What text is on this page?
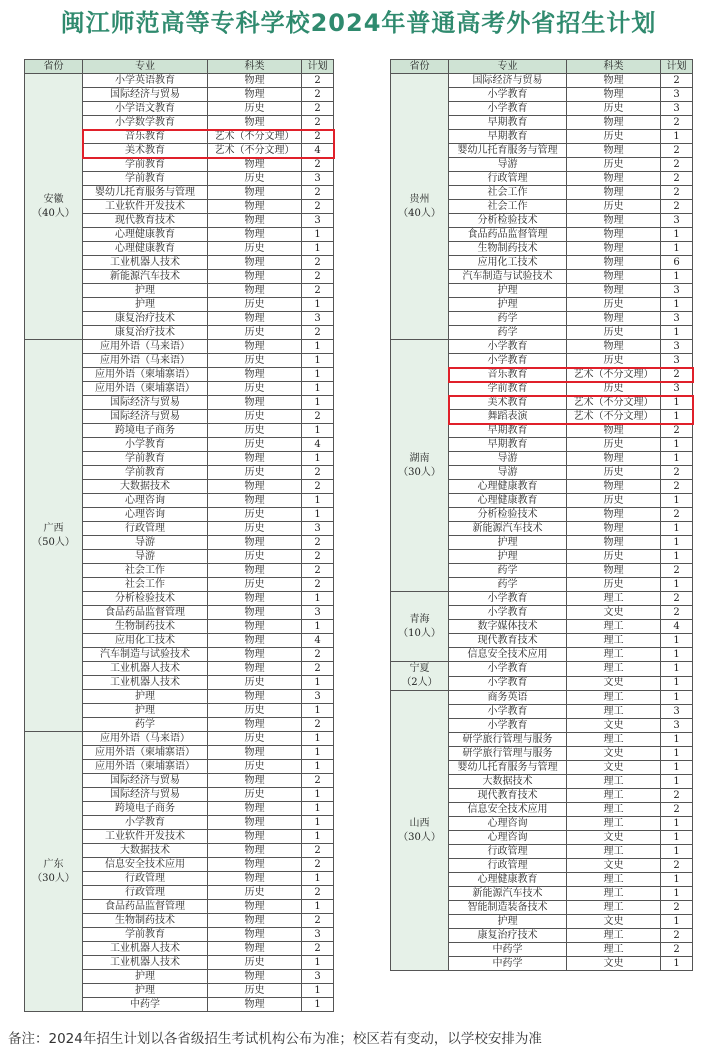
闽江师范高等专科学校2024年普通高考外省招生计划
省份	专业	科类	计划

安徽
（40人）	小学英语教育	物理	2
	国际经济与贸易	物理	2
	小学语文教育	历史	2
	小学数学教育	物理	2
	音乐教育	艺术（不分文理）	2
	美术教育	艺术（不分文理）	4
	学前教育	物理	2
	学前教育	历史	3
	婴幼儿托育服务与管理	物理	2
	工业软件开发技术	物理	2
	现代教育技术	物理	3
	心理健康教育	物理	1
	心理健康教育	历史	1
	工业机器人技术	物理	2
	新能源汽车技术	物理	2
	护理	物理	2
	护理	历史	1
	康复治疗技术	物理	3
	康复治疗技术	历史	2

广西
（50人）	应用外语（马来语）	物理	1
	应用外语（马来语）	历史	1
	应用外语（柬埔寨语）	物理	1
	应用外语（柬埔寨语）	历史	1
	国际经济与贸易	物理	1
	国际经济与贸易	历史	2
	跨境电子商务	历史	1
	小学教育	历史	4
	学前教育	物理	1
	学前教育	历史	2
	大数据技术	物理	2
	心理咨询	物理	1
	心理咨询	历史	1
	行政管理	历史	3
	导游	物理	2
	导游	历史	2
	社会工作	物理	2
	社会工作	历史	2
	分析检验技术	物理	1
	食品药品监督管理	物理	3
	生物制药技术	物理	1
	应用化工技术	物理	4
	汽车制造与试验技术	物理	2
	工业机器人技术	物理	2
	工业机器人技术	历史	1
	护理	物理	3
	护理	历史	1
	药学	物理	2

广东
（30人）	应用外语（马来语）	历史	1
	应用外语（柬埔寨语）	物理	1
	应用外语（柬埔寨语）	历史	1
	国际经济与贸易	物理	2
	国际经济与贸易	历史	1
	跨境电子商务	物理	1
	小学教育	物理	1
	工业软件开发技术	物理	1
	大数据技术	物理	2
	信息安全技术应用	物理	2
	行政管理	物理	1
	行政管理	历史	2
	食品药品监督管理	物理	1
	生物制药技术	物理	2
	学前教育	物理	3
	工业机器人技术	物理	2
	工业机器人技术	历史	1
	护理	物理	3
	护理	历史	1
	中药学	物理	1
省份	专业	科类	计划

贵州
（40人）	国际经济与贸易	物理	2
	小学教育	物理	3
	小学教育	历史	3
	早期教育	物理	2
	早期教育	历史	1
	婴幼儿托育服务与管理	物理	2
	导游	历史	2
	行政管理	物理	2
	社会工作	物理	2
	社会工作	历史	2
	分析检验技术	物理	3
	食品药品监督管理	物理	1
	生物制药技术	物理	1
	应用化工技术	物理	6
	汽车制造与试验技术	物理	1
	护理	物理	3
	护理	历史	1
	药学	物理	3
	药学	历史	1

湖南
（30人）	小学教育	物理	3
	小学教育	历史	3
	音乐教育	艺术（不分文理）	2
	学前教育	历史	3
	美术教育	艺术（不分文理）	1
	舞蹈表演	艺术（不分文理）	1
	早期教育	物理	2
	早期教育	历史	1
	导游	物理	1
	导游	历史	2
	心理健康教育	物理	2
	心理健康教育	历史	1
	分析检验技术	物理	2
	新能源汽车技术	物理	1
	护理	物理	1
	护理	历史	1
	药学	物理	2
	药学	历史	1

青海
（10人）	小学教育	理工	2
	小学教育	文史	2
	数字媒体技术	理工	4
	现代教育技术	理工	1
	信息安全技术应用	理工	1

宁夏
（2人）	小学教育	理工	1
	小学教育	文史	1

山西
（30人）	商务英语	理工	1
	小学教育	理工	3
	小学教育	文史	3
	研学旅行管理与服务	理工	1
	研学旅行管理与服务	文史	1
	婴幼儿托育服务与管理	文史	1
	大数据技术	理工	1
	现代教育技术	理工	2
	信息安全技术应用	理工	2
	心理咨询	理工	1
	心理咨询	文史	1
	行政管理	理工	1
	行政管理	文史	2
	心理健康教育	理工	1
	新能源汽车技术	理工	1
	智能制造装备技术	理工	2
	护理	文史	1
	康复治疗技术	理工	2
	中药学	理工	2
	中药学	文史	1
备注：2024年招生计划以各省级招生考试机构公布为准；校区若有变动，以学校安排为准
